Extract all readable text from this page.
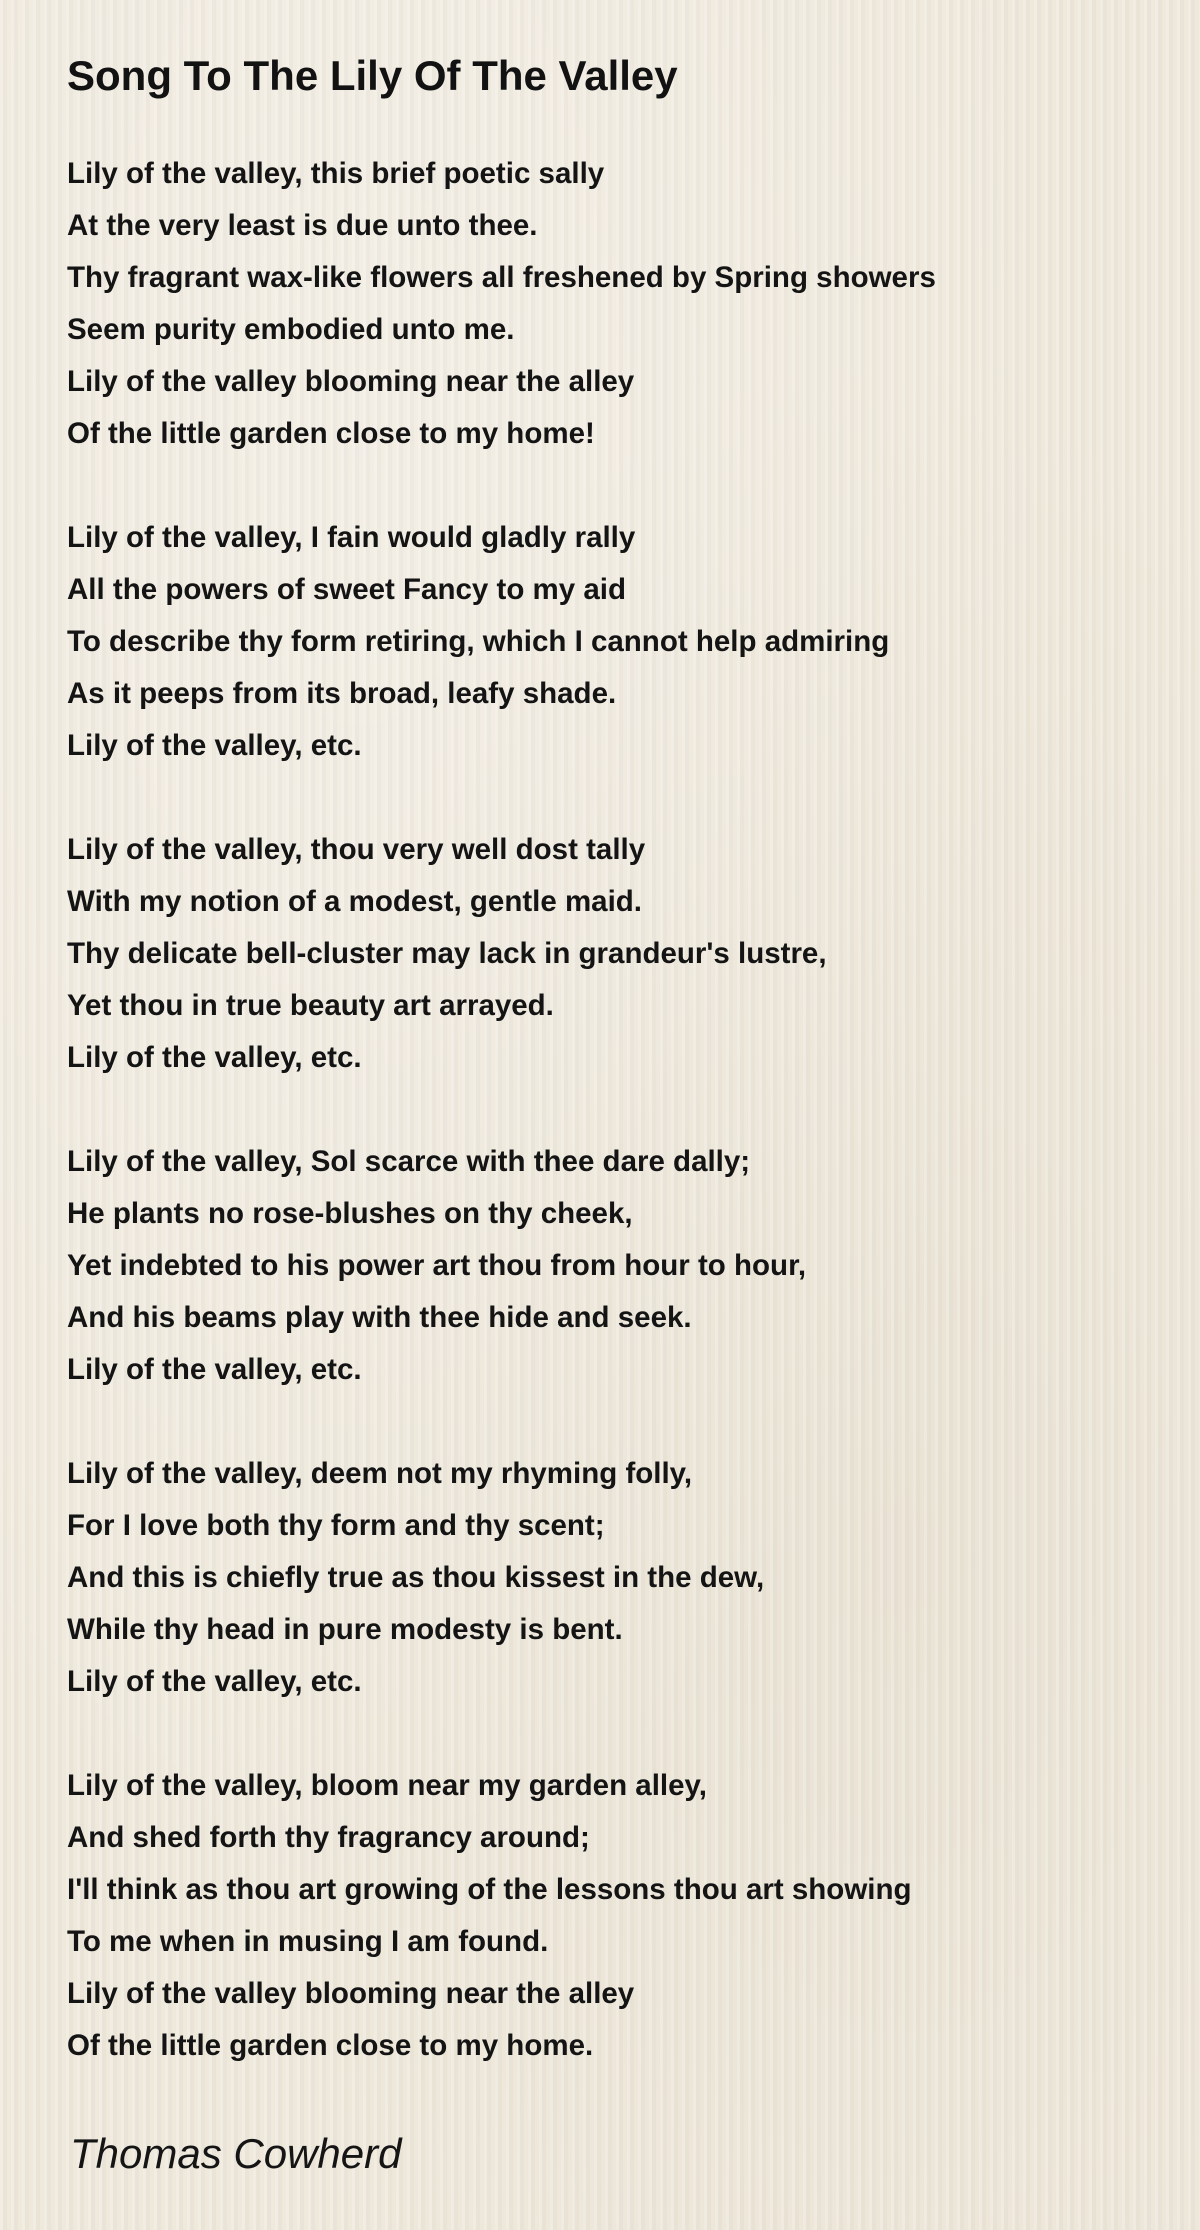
Song To The Lily Of The Valley
Lily of the valley, this brief poetic sally
At the very least is due unto thee.
Thy fragrant wax-like flowers all freshened by Spring showers
Seem purity embodied unto me.
Lily of the valley blooming near the alley
Of the little garden close to my home!
Lily of the valley, I fain would gladly rally
All the powers of sweet Fancy to my aid
To describe thy form retiring, which I cannot help admiring
As it peeps from its broad, leafy shade.
Lily of the valley, etc.
Lily of the valley, thou very well dost tally
With my notion of a modest, gentle maid.
Thy delicate bell-cluster may lack in grandeur's lustre,
Yet thou in true beauty art arrayed.
Lily of the valley, etc.
Lily of the valley, Sol scarce with thee dare dally;
He plants no rose-blushes on thy cheek,
Yet indebted to his power art thou from hour to hour,
And his beams play with thee hide and seek.
Lily of the valley, etc.
Lily of the valley, deem not my rhyming folly,
For I love both thy form and thy scent;
And this is chiefly true as thou kissest in the dew,
While thy head in pure modesty is bent.
Lily of the valley, etc.
Lily of the valley, bloom near my garden alley,
And shed forth thy fragrancy around;
I'll think as thou art growing of the lessons thou art showing
To me when in musing I am found.
Lily of the valley blooming near the alley
Of the little garden close to my home.
Thomas Cowherd
